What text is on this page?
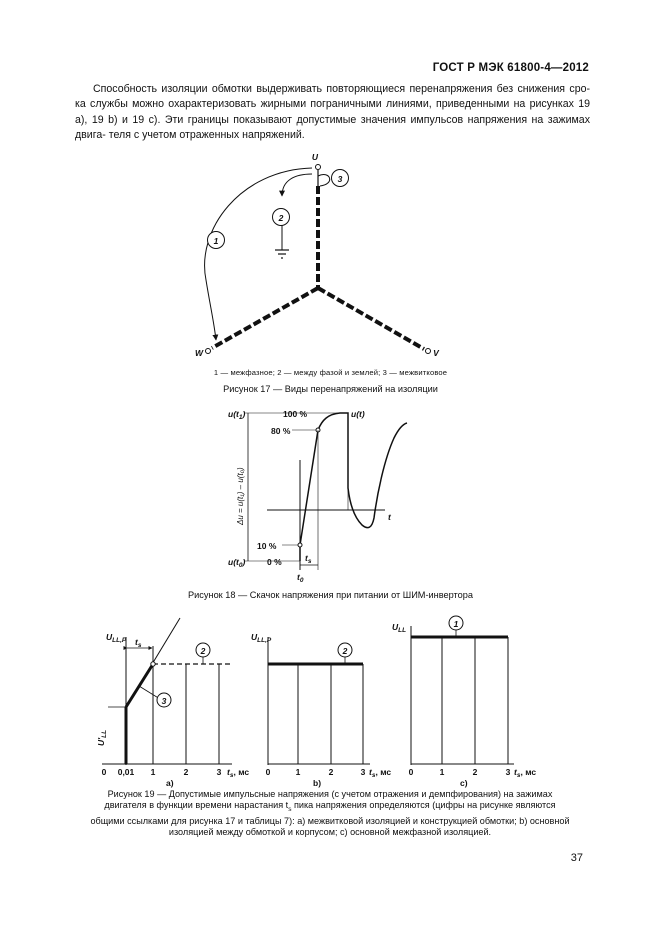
ГОСТ Р МЭК 61800-4—2012
Способность изоляции обмотки выдерживать повторяющиеся перенапряжения без снижения сро- ка службы можно охарактеризовать жирными пограничными линиями, приведенными на рисунках 19 а), 19 b) и 19 с). Эти границы показывают допустимые значения импульсов напряжения на зажимах двига- теля с учетом отраженных напряжений.
1
2
3
U
W	V
1 — межфазное; 2 — между фазой и землей; 3 — межвитковое
Рисунок 17 — Виды перенапряжений на изоляции
$u(t_1)$	100 %
80 %
10 %
0 %
$u(t_0)$
u(t)
t
$t_s$
$t_0$
Δu = u(t₁) – u(t₀)
Рисунок 18 — Скачок напряжения при питании от ШИМ-инвертора
3
2
$U_{LL,P}$
$U'_{LL}$
$t_s$
0 0,01 1	2	3 $t_s$, мс
а)
2
$U_{LL,P}$
0	1	2	3 $t_s$, мс
b)
1
$U_{LL}$
0	1	2	3 $t_s$, мс
с)
Рисунок 19 — Допустимые импульсные напряжения (с учетом отражения и демпфирования) на зажимах
двигателя в функции времени нарастания $t_s$ пика напряжения определяются (цифры на рисунке являются
общими ссылками для рисунка 17 и таблицы 7): а) межвитковой изоляцией и конструкцией обмотки; b) основной
изоляцией между обмоткой и корпусом; с) основной межфазной изоляцией.
37
